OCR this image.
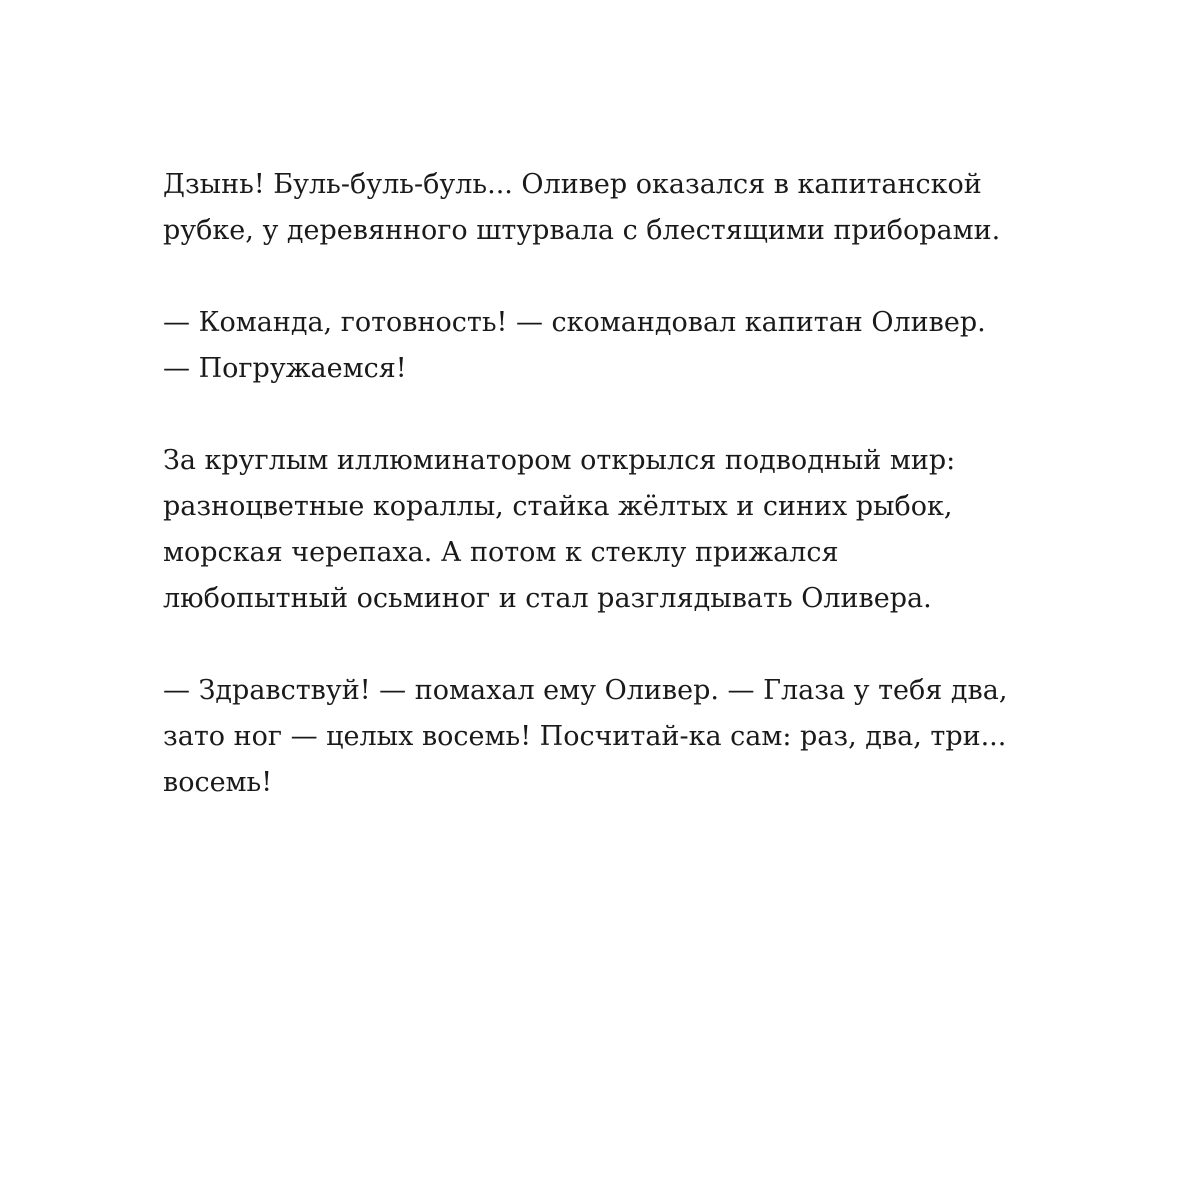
Дзынь! Буль-буль-буль... Оливер оказался в капитанской
рубке, у деревянного штурвала с блестящими приборами.

— Команда, готовность! — скомандовал капитан Оливер.
— Погружаемся!

За круглым иллюминатором открылся подводный мир:
разноцветные кораллы, стайка жёлтых и синих рыбок,
морская черепаха. А потом к стеклу прижался
любопытный осьминог и стал разглядывать Оливера.

— Здравствуй! — помахал ему Оливер. — Глаза у тебя два,
зато ног — целых восемь! Посчитай-ка сам: раз, два, три...
восемь!
